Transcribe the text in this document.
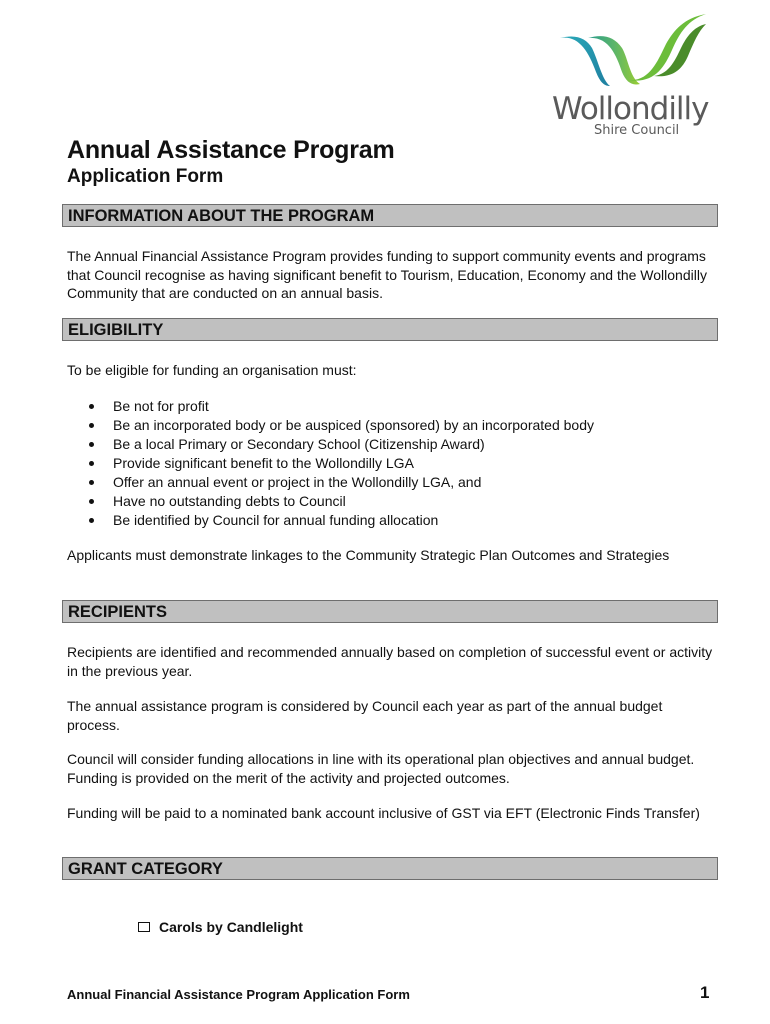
Wollondilly
Shire Council
Annual Assistance Program
Application Form
INFORMATION ABOUT THE PROGRAM

The Annual Financial Assistance Program provides funding to support community events and programs that Council recognise as having significant benefit to Tourism, Education, Economy and the Wollondilly Community that are conducted on an annual basis.

ELIGIBILITY

To be eligible for funding an organisation must:

Be not for profit
Be an incorporated body or be auspiced (sponsored) by an incorporated body
Be a local Primary or Secondary School (Citizenship Award)
Provide significant benefit to the Wollondilly LGA
Offer an annual event or project in the Wollondilly LGA, and
Have no outstanding debts to Council
Be identified by Council for annual funding allocation

Applicants must demonstrate linkages to the Community Strategic Plan Outcomes and Strategies

RECIPIENTS

Recipients are identified and recommended annually based on completion of successful event or activity in the previous year.

The annual assistance program is considered by Council each year as part of the annual budget process.

Council will consider funding allocations in line with its operational plan objectives and annual budget. Funding is provided on the merit of the activity and projected outcomes.

Funding will be paid to a nominated bank account inclusive of GST via EFT (Electronic Finds Transfer)

GRANT CATEGORY
Carols by Candlelight
Annual Financial Assistance Program Application Form	1
